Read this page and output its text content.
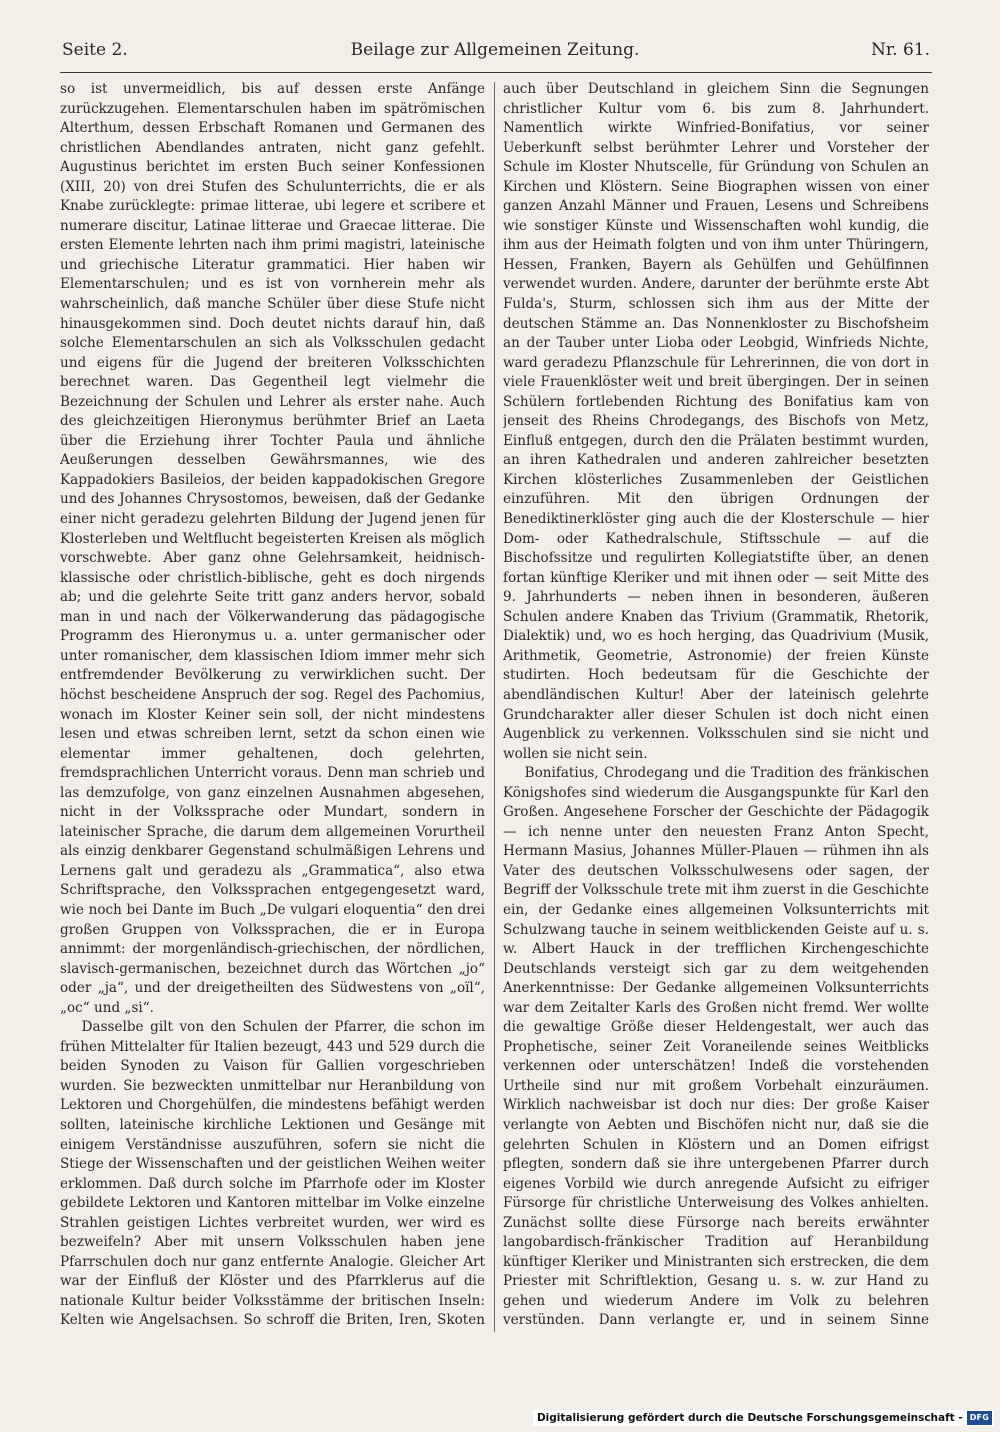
Seite 2.	Beilage zur Allgemeinen Zeitung.	Nr. 61.

so ist unvermeidlich, bis auf dessen erste Anfänge zurückzugehen. Elementarschulen haben im spätrömischen Alterthum, dessen Erbschaft Romanen und Germanen des christlichen Abendlandes antraten, nicht ganz gefehlt. Augustinus berichtet im ersten Buch seiner Konfessionen (XIII, 20) von drei Stufen des Schulunterrichts, die er als Knabe zurücklegte: primae litterae, ubi legere et scribere et numerare discitur, Latinae litterae und Graecae litterae. Die ersten Elemente lehrten nach ihm primi magistri, lateinische und griechische Literatur grammatici. Hier haben wir Elementarschulen; und es ist von vornherein mehr als wahrscheinlich, daß manche Schüler über diese Stufe nicht hinausgekommen sind. Doch deutet nichts darauf hin, daß solche Elementarschulen an sich als Volksschulen gedacht und eigens für die Jugend der breiteren Volksschichten berechnet waren. Das Gegentheil legt vielmehr die Bezeichnung der Schulen und Lehrer als erster nahe. Auch des gleichzeitigen Hieronymus berühmter Brief an Laeta über die Erziehung ihrer Tochter Paula und ähnliche Aeußerungen desselben Gewährsmannes, wie des Kappadokiers Basileios, der beiden kappadokischen Gregore und des Johannes Chrysostomos, beweisen, daß der Gedanke einer nicht geradezu gelehrten Bildung der Jugend jenen für Klosterleben und Weltflucht begeisterten Kreisen als möglich vorschwebte. Aber ganz ohne Gelehrsamkeit, heidnisch-klassische oder christlich-biblische, geht es doch nirgends ab; und die gelehrte Seite tritt ganz anders hervor, sobald man in und nach der Völkerwanderung das pädagogische Programm des Hieronymus u. a. unter germanischer oder unter romanischer, dem klassischen Idiom immer mehr sich entfremdender Bevölkerung zu verwirklichen sucht. Der höchst bescheidene Anspruch der sog. Regel des Pachomius, wonach im Kloster Keiner sein soll, der nicht mindestens lesen und etwas schreiben lernt, setzt da schon einen wie elementar immer gehaltenen, doch gelehrten, fremdsprachlichen Unterricht voraus. Denn man schrieb und las demzufolge, von ganz einzelnen Ausnahmen abgesehen, nicht in der Volkssprache oder Mundart, sondern in lateinischer Sprache, die darum dem allgemeinen Vorurtheil als einzig denkbarer Gegenstand schulmäßigen Lehrens und Lernens galt und geradezu als „Grammatica“, also etwa Schriftsprache, den Volkssprachen entgegengesetzt ward, wie noch bei Dante im Buch „De vulgari eloquentia“ den drei großen Gruppen von Volkssprachen, die er in Europa annimmt: der morgenländisch-griechischen, der nördlichen, slavisch-germanischen, bezeichnet durch das Wörtchen „jo“ oder „ja“, und der dreigetheilten des Südwestens von „oïl“, „oc“ und „si“.

Dasselbe gilt von den Schulen der Pfarrer, die schon im frühen Mittelalter für Italien bezeugt, 443 und 529 durch die beiden Synoden zu Vaison für Gallien vorgeschrieben wurden. Sie bezweckten unmittelbar nur Heranbildung von Lektoren und Chorgehülfen, die mindestens befähigt werden sollten, lateinische kirchliche Lektionen und Gesänge mit einigem Verständnisse auszuführen, sofern sie nicht die Stiege der Wissenschaften und der geistlichen Weihen weiter erklommen. Daß durch solche im Pfarrhofe oder im Kloster gebildete Lektoren und Kantoren mittelbar im Volke einzelne Strahlen geistigen Lichtes verbreitet wurden, wer wird es bezweifeln? Aber mit unsern Volksschulen haben jene Pfarrschulen doch nur ganz entfernte Analogie. Gleicher Art war der Einfluß der Klöster und des Pfarrklerus auf die nationale Kultur beider Volksstämme der britischen Inseln: Kelten wie Angelsachsen. So schroff die Briten, Iren, Skoten

auch über Deutschland in gleichem Sinn die Segnungen christlicher Kultur vom 6. bis zum 8. Jahrhundert. Namentlich wirkte Winfried-Bonifatius, vor seiner Ueberkunft selbst berühmter Lehrer und Vorsteher der Schule im Kloster Nhutscelle, für Gründung von Schulen an Kirchen und Klöstern. Seine Biographen wissen von einer ganzen Anzahl Männer und Frauen, Lesens und Schreibens wie sonstiger Künste und Wissenschaften wohl kundig, die ihm aus der Heimath folgten und von ihm unter Thüringern, Hessen, Franken, Bayern als Gehülfen und Gehülfinnen verwendet wurden. Andere, darunter der berühmte erste Abt Fulda's, Sturm, schlossen sich ihm aus der Mitte der deutschen Stämme an. Das Nonnenkloster zu Bischofsheim an der Tauber unter Lioba oder Leobgid, Winfrieds Nichte, ward geradezu Pflanzschule für Lehrerinnen, die von dort in viele Frauenklöster weit und breit übergingen. Der in seinen Schülern fortlebenden Richtung des Bonifatius kam von jenseit des Rheins Chrodegangs, des Bischofs von Metz, Einfluß entgegen, durch den die Prälaten bestimmt wurden, an ihren Kathedralen und anderen zahlreicher besetzten Kirchen klösterliches Zusammenleben der Geistlichen einzuführen. Mit den übrigen Ordnungen der Benediktinerklöster ging auch die der Klosterschule — hier Dom- oder Kathedralschule, Stiftsschule — auf die Bischofssitze und regulirten Kollegiatstifte über, an denen fortan künftige Kleriker und mit ihnen oder — seit Mitte des 9. Jahrhunderts — neben ihnen in besonderen, äußeren Schulen andere Knaben das Trivium (Grammatik, Rhetorik, Dialektik) und, wo es hoch herging, das Quadrivium (Musik, Arithmetik, Geometrie, Astronomie) der freien Künste studirten. Hoch bedeutsam für die Geschichte der abendländischen Kultur! Aber der lateinisch gelehrte Grundcharakter aller dieser Schulen ist doch nicht einen Augenblick zu verkennen. Volksschulen sind sie nicht und wollen sie nicht sein.

Bonifatius, Chrodegang und die Tradition des fränkischen Königshofes sind wiederum die Ausgangspunkte für Karl den Großen. Angesehene Forscher der Geschichte der Pädagogik — ich nenne unter den neuesten Franz Anton Specht, Hermann Masius, Johannes Müller-Plauen — rühmen ihn als Vater des deutschen Volksschulwesens oder sagen, der Begriff der Volksschule trete mit ihm zuerst in die Geschichte ein, der Gedanke eines allgemeinen Volksunterrichts mit Schulzwang tauche in seinem weitblickenden Geiste auf u. s. w. Albert Hauck in der trefflichen Kirchengeschichte Deutschlands versteigt sich gar zu dem weitgehenden Anerkenntnisse: Der Gedanke allgemeinen Volksunterrichts war dem Zeitalter Karls des Großen nicht fremd. Wer wollte die gewaltige Größe dieser Heldengestalt, wer auch das Prophetische, seiner Zeit Voraneilende seines Weitblicks verkennen oder unterschätzen! Indeß die vorstehenden Urtheile sind nur mit großem Vorbehalt einzuräumen. Wirklich nachweisbar ist doch nur dies: Der große Kaiser verlangte von Aebten und Bischöfen nicht nur, daß sie die gelehrten Schulen in Klöstern und an Domen eifrigst pflegten, sondern daß sie ihre untergebenen Pfarrer durch eigenes Vorbild wie durch anregende Aufsicht zu eifriger Fürsorge für christliche Unterweisung des Volkes anhielten. Zunächst sollte diese Fürsorge nach bereits erwähnter langobardisch-fränkischer Tradition auf Heranbildung künftiger Kleriker und Ministranten sich erstrecken, die dem Priester mit Schriftlektion, Gesang u. s. w. zur Hand zu gehen und wiederum Andere im Volk zu belehren verstünden. Dann verlangte er, und in seinem Sinne

Digitalisierung gefördert durch die Deutsche Forschungsgemeinschaft - DFG
